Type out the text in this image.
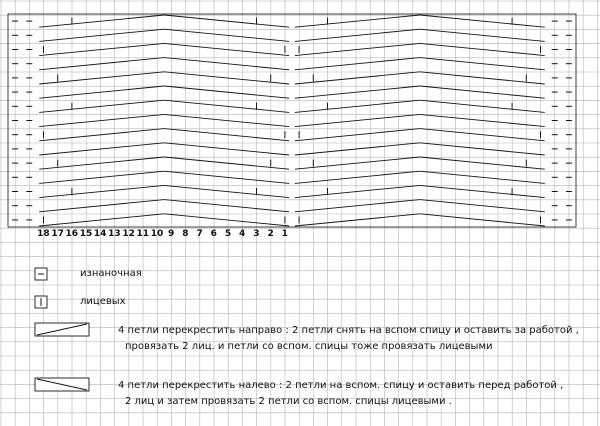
18 17 16 15 14 13 12 11 10 9 8 7 6 5 4 3 2 1
изнаночная
лицевых
4 петли перекрестить направо : 2 петли снять на вспом спицу и оставить за работой ,
провязать 2 лиц. и петли со вспом. спицы тоже провязать лицевыми
4 петли перекрестить налево : 2 петли на вспом. спицу и оставить перед работой ,
2 лиц и затем провязать 2 петли со вспом. спицы лицевыми .
